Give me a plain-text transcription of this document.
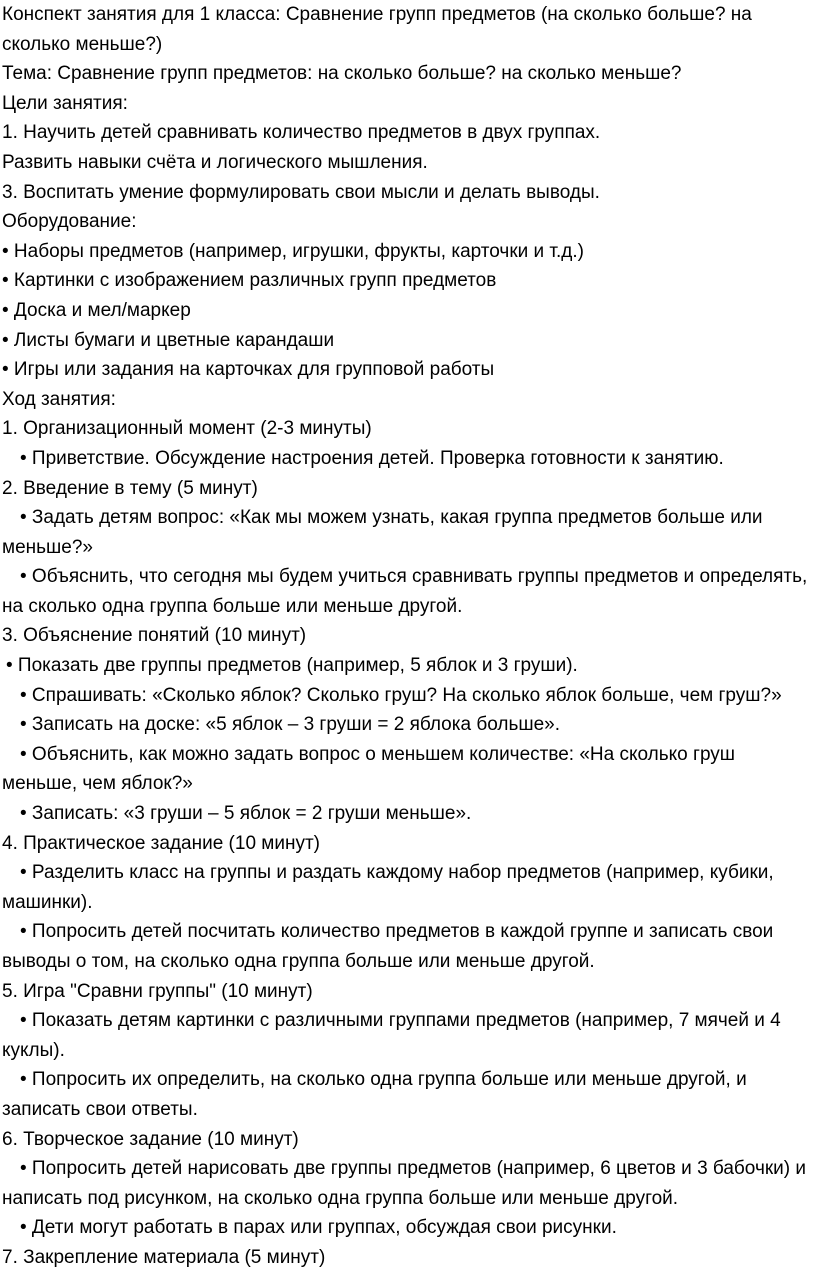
Конспект занятия для 1 класса: Сравнение групп предметов (на сколько больше? на

сколько меньше?)

Тема: Сравнение групп предметов: на сколько больше? на сколько меньше?

Цели занятия:

1. Научить детей сравнивать количество предметов в двух группах.

Развить навыки счёта и логического мышления.

3. Воспитать умение формулировать свои мысли и делать выводы.

Оборудование:

• Наборы предметов (например, игрушки, фрукты, карточки и т.д.)

• Картинки с изображением различных групп предметов

• Доска и мел/маркер

• Листы бумаги и цветные карандаши

• Игры или задания на карточках для групповой работы

Ход занятия:

1. Организационный момент (2-3 минуты)

• Приветствие. Обсуждение настроения детей. Проверка готовности к занятию.

2. Введение в тему (5 минут)

• Задать детям вопрос: «Как мы можем узнать, какая группа предметов больше или

меньше?»

• Объяснить, что сегодня мы будем учиться сравнивать группы предметов и определять,

на сколько одна группа больше или меньше другой.

3. Объяснение понятий (10 минут)

• Показать две группы предметов (например, 5 яблок и 3 груши).

• Спрашивать: «Сколько яблок? Сколько груш? На сколько яблок больше, чем груш?»

• Записать на доске: «5 яблок – 3 груши = 2 яблока больше».

• Объяснить, как можно задать вопрос о меньшем количестве: «На сколько груш

меньше, чем яблок?»

• Записать: «3 груши – 5 яблок = 2 груши меньше».

4. Практическое задание (10 минут)

• Разделить класс на группы и раздать каждому набор предметов (например, кубики,

машинки).

• Попросить детей посчитать количество предметов в каждой группе и записать свои

выводы о том, на сколько одна группа больше или меньше другой.

5. Игра "Сравни группы" (10 минут)

• Показать детям картинки с различными группами предметов (например, 7 мячей и 4

куклы).

• Попросить их определить, на сколько одна группа больше или меньше другой, и

записать свои ответы.

6. Творческое задание (10 минут)

• Попросить детей нарисовать две группы предметов (например, 6 цветов и 3 бабочки) и

написать под рисунком, на сколько одна группа больше или меньше другой.

• Дети могут работать в парах или группах, обсуждая свои рисунки.

7. Закрепление материала (5 минут)
